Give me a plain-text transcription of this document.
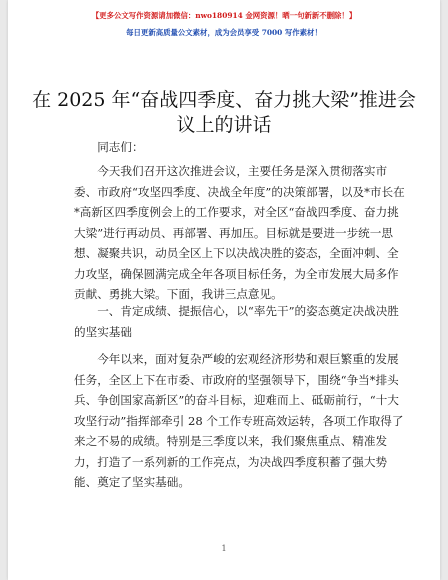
【更多公文写作资源请加微信：nwo180914 金网资源！晒一句新新不删除！】
每日更新高质量公文素材，成为会员享受 7000 写作素材！
在 2025 年“奋战四季度、奋力挑大梁”推进会议上的讲话

同志们：

今天我们召开这次推进会议，主要任务是深入贯彻落实市委、市政府“攻坚四季度、决战全年度”的决策部署，以及*市长在*高新区四季度例会上的工作要求，对全区“奋战四季度、奋力挑大梁”进行再动员、再部署、再加压。目标就是要进一步统一思想、凝聚共识，动员全区上下以决战决胜的姿态，全面冲刺、全力攻坚，确保圆满完成全年各项目标任务，为全市发展大局多作贡献、勇挑大梁。下面，我讲三点意见。

一、肯定成绩、提振信心，以“率先干”的姿态奠定决战决胜的坚实基础

今年以来，面对复杂严峻的宏观经济形势和艰巨繁重的发展任务，全区上下在市委、市政府的坚强领导下，围绕“争当*排头兵、争创国家高新区”的奋斗目标，迎难而上、砥砺前行，“十大攻坚行动”指挥部牵引 28 个工作专班高效运转，各项工作取得了来之不易的成绩。特别是三季度以来，我们聚焦重点、精准发力，打造了一系列新的工作亮点，为决战四季度积蓄了强大势能、奠定了坚实基础。

1
